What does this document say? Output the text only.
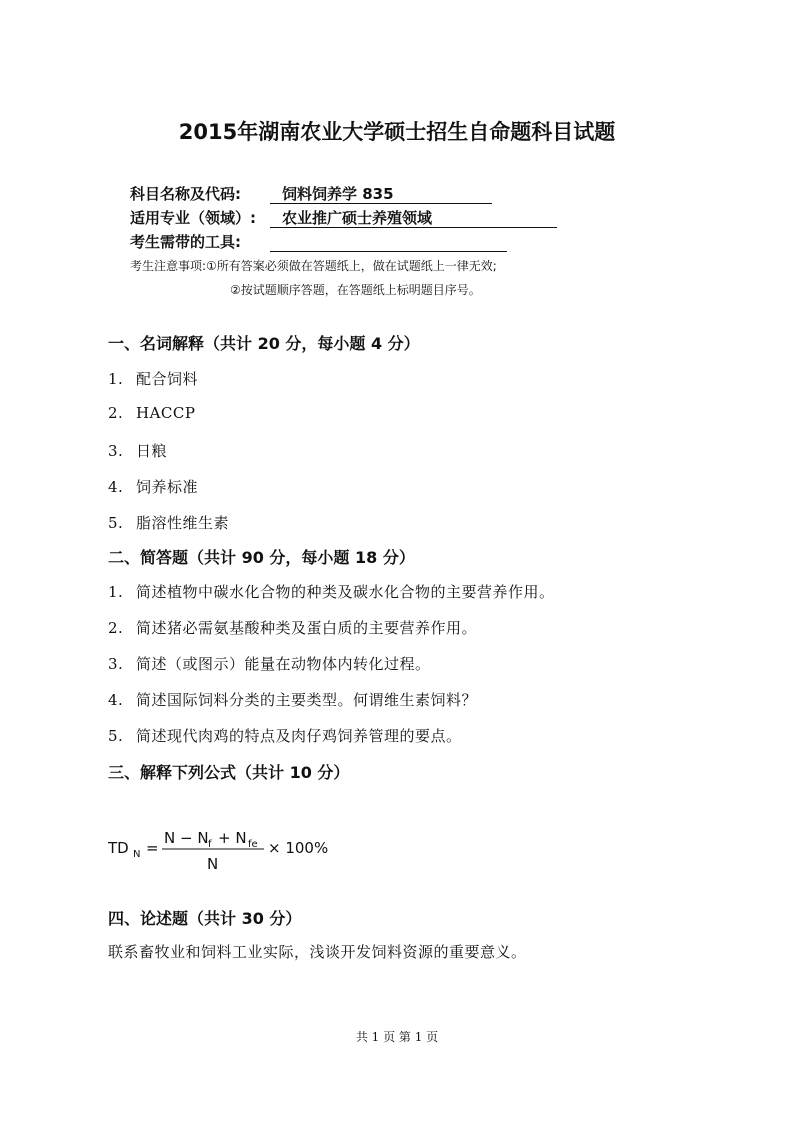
2015年湖南农业大学硕士招生自命题科目试题
科目名称及代码:	饲料饲养学 835
适用专业（领域）:	农业推广硕士养殖领域
考生需带的工具:
考生注意事项:①所有答案必须做在答题纸上，做在试题纸上一律无效;
②按试题顺序答题，在答题纸上标明题目序号。
一、名词解释（共计 20 分，每小题 4 分）
1. 配合饲料
2. HACCP
3. 日粮
4. 饲养标准
5. 脂溶性维生素
二、简答题（共计 90 分，每小题 18 分）
1. 简述植物中碳水化合物的种类及碳水化合物的主要营养作用。
2. 简述猪必需氨基酸种类及蛋白质的主要营养作用。
3. 简述（或图示）能量在动物体内转化过程。
4. 简述国际饲料分类的主要类型。何谓维生素饲料？
5. 简述现代肉鸡的特点及肉仔鸡饲养管理的要点。
三、解释下列公式（共计 10 分）
TD N =
N − N f + N fe
N
× 100%
四、论述题（共计 30 分）
联系畜牧业和饲料工业实际，浅谈开发饲料资源的重要意义。
共 1 页 第 1 页
